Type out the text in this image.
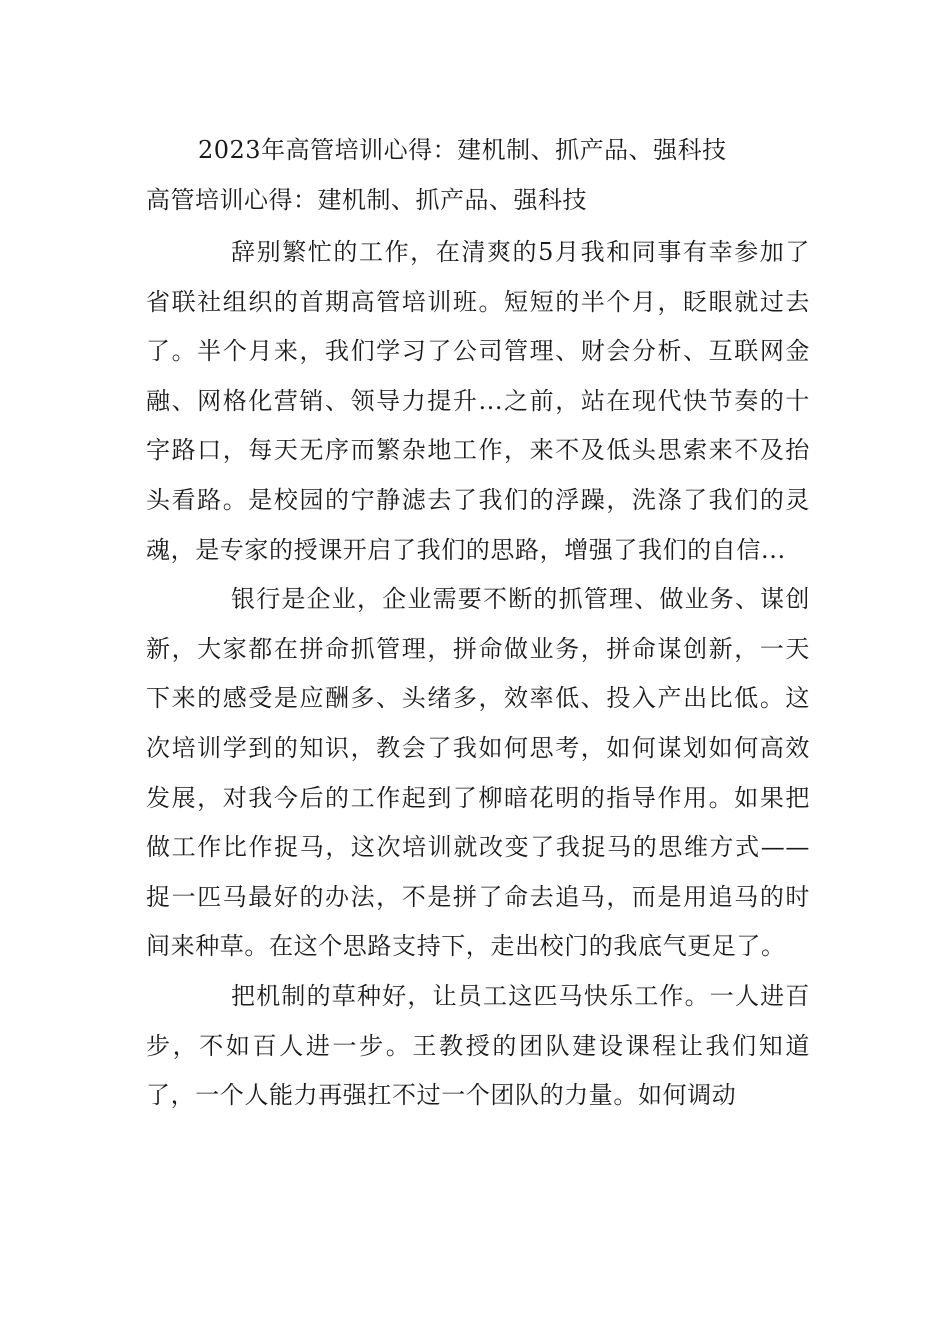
2023年高管培训心得：建机制、抓产品、强科技
高管培训心得：建机制、抓产品、强科技

辞别繁忙的工作，在清爽的5月我和同事有幸参加了省联社组织的首期高管培训班。短短的半个月，眨眼就过去了。半个月来，我们学习了公司管理、财会分析、互联网金融、网格化营销、领导力提升...之前，站在现代快节奏的十字路口，每天无序而繁杂地工作，来不及低头思索来不及抬头看路。是校园的宁静滤去了我们的浮躁，洗涤了我们的灵魂，是专家的授课开启了我们的思路，增强了我们的自信...

银行是企业，企业需要不断的抓管理、做业务、谋创新，大家都在拼命抓管理，拼命做业务，拼命谋创新，一天下来的感受是应酬多、头绪多，效率低、投入产出比低。这次培训学到的知识，教会了我如何思考，如何谋划如何高效发展，对我今后的工作起到了柳暗花明的指导作用。如果把做工作比作捉马，这次培训就改变了我捉马的思维方式——捉一匹马最好的办法，不是拼了命去追马，而是用追马的时间来种草。在这个思路支持下，走出校门的我底气更足了。

把机制的草种好，让员工这匹马快乐工作。一人进百步，不如百人进一步。王教授的团队建设课程让我们知道了，一个人能力再强扛不过一个团队的力量。如何调动
